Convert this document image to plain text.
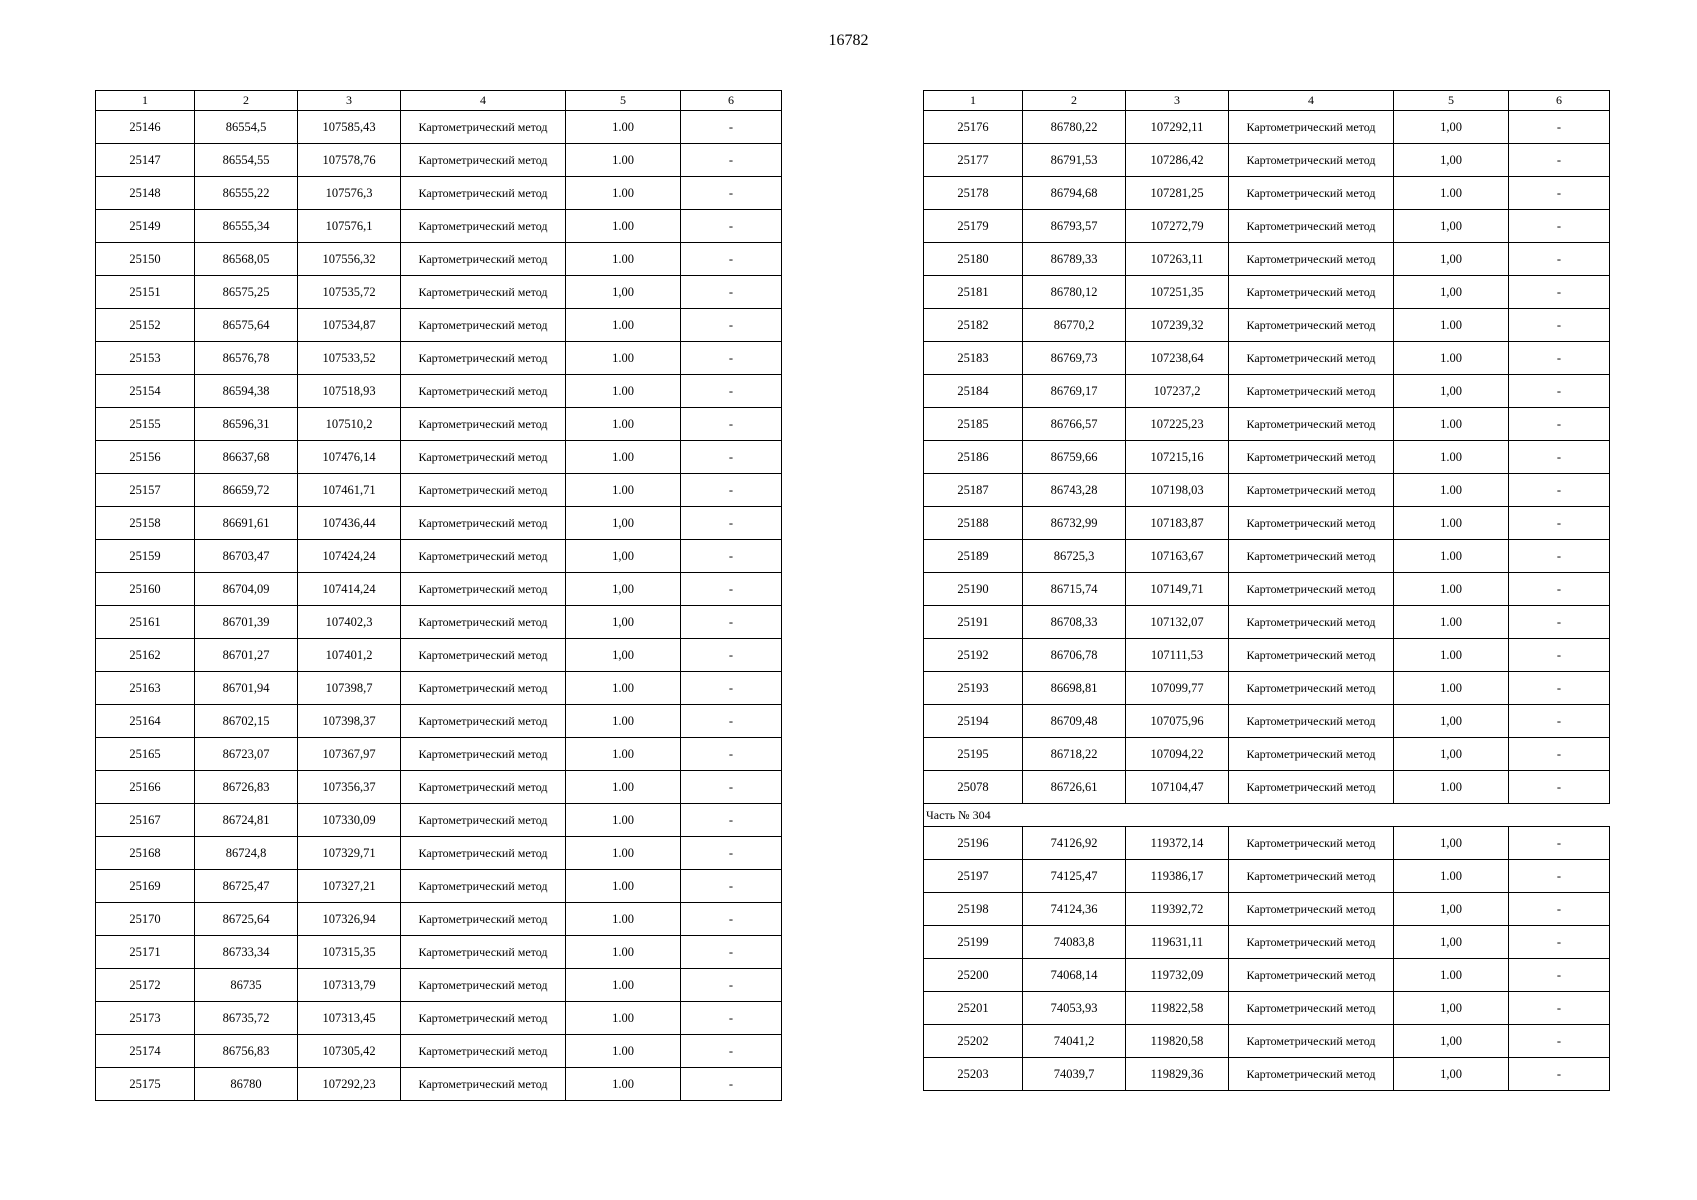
16782
1	2	3	4	5	6
25146	86554,5	107585,43	Картометрический метод	1.00	-
25147	86554,55	107578,76	Картометрический метод	1.00	-
25148	86555,22	107576,3	Картометрический метод	1.00	-
25149	86555,34	107576,1	Картометрический метод	1.00	-
25150	86568,05	107556,32	Картометрический метод	1.00	-
25151	86575,25	107535,72	Картометрический метод	1,00	-
25152	86575,64	107534,87	Картометрический метод	1.00	-
25153	86576,78	107533,52	Картометрический метод	1.00	-
25154	86594,38	107518,93	Картометрический метод	1.00	-
25155	86596,31	107510,2	Картометрический метод	1.00	-
25156	86637,68	107476,14	Картометрический метод	1.00	-
25157	86659,72	107461,71	Картометрический метод	1.00	-
25158	86691,61	107436,44	Картометрический метод	1,00	-
25159	86703,47	107424,24	Картометрический метод	1,00	-
25160	86704,09	107414,24	Картометрический метод	1,00	-
25161	86701,39	107402,3	Картометрический метод	1,00	-
25162	86701,27	107401,2	Картометрический метод	1,00	-
25163	86701,94	107398,7	Картометрический метод	1.00	-
25164	86702,15	107398,37	Картометрический метод	1.00	-
25165	86723,07	107367,97	Картометрический метод	1.00	-
25166	86726,83	107356,37	Картометрический метод	1.00	-
25167	86724,81	107330,09	Картометрический метод	1.00	-
25168	86724,8	107329,71	Картометрический метод	1.00	-
25169	86725,47	107327,21	Картометрический метод	1.00	-
25170	86725,64	107326,94	Картометрический метод	1.00	-
25171	86733,34	107315,35	Картометрический метод	1.00	-
25172	86735	107313,79	Картометрический метод	1.00	-
25173	86735,72	107313,45	Картометрический метод	1.00	-
25174	86756,83	107305,42	Картометрический метод	1.00	-
25175	86780	107292,23	Картометрический метод	1.00	-
1	2	3	4	5	6
25176	86780,22	107292,11	Картометрический метод	1,00	-
25177	86791,53	107286,42	Картометрический метод	1,00	-
25178	86794,68	107281,25	Картометрический метод	1.00	-
25179	86793,57	107272,79	Картометрический метод	1,00	-
25180	86789,33	107263,11	Картометрический метод	1,00	-
25181	86780,12	107251,35	Картометрический метод	1,00	-
25182	86770,2	107239,32	Картометрический метод	1.00	-
25183	86769,73	107238,64	Картометрический метод	1.00	-
25184	86769,17	107237,2	Картометрический метод	1,00	-
25185	86766,57	107225,23	Картометрический метод	1.00	-
25186	86759,66	107215,16	Картометрический метод	1.00	-
25187	86743,28	107198,03	Картометрический метод	1.00	-
25188	86732,99	107183,87	Картометрический метод	1.00	-
25189	86725,3	107163,67	Картометрический метод	1.00	-
25190	86715,74	107149,71	Картометрический метод	1.00	-
25191	86708,33	107132,07	Картометрический метод	1.00	-
25192	86706,78	107111,53	Картометрический метод	1.00	-
25193	86698,81	107099,77	Картометрический метод	1.00	-
25194	86709,48	107075,96	Картометрический метод	1,00	-
25195	86718,22	107094,22	Картометрический метод	1,00	-
25078	86726,61	107104,47	Картометрический метод	1.00	-
Часть № 304					
25196	74126,92	119372,14	Картометрический метод	1,00	-
25197	74125,47	119386,17	Картометрический метод	1.00	-
25198	74124,36	119392,72	Картометрический метод	1,00	-
25199	74083,8	119631,11	Картометрический метод	1,00	-
25200	74068,14	119732,09	Картометрический метод	1.00	-
25201	74053,93	119822,58	Картометрический метод	1,00	-
25202	74041,2	119820,58	Картометрический метод	1,00	-
25203	74039,7	119829,36	Картометрический метод	1,00	-
